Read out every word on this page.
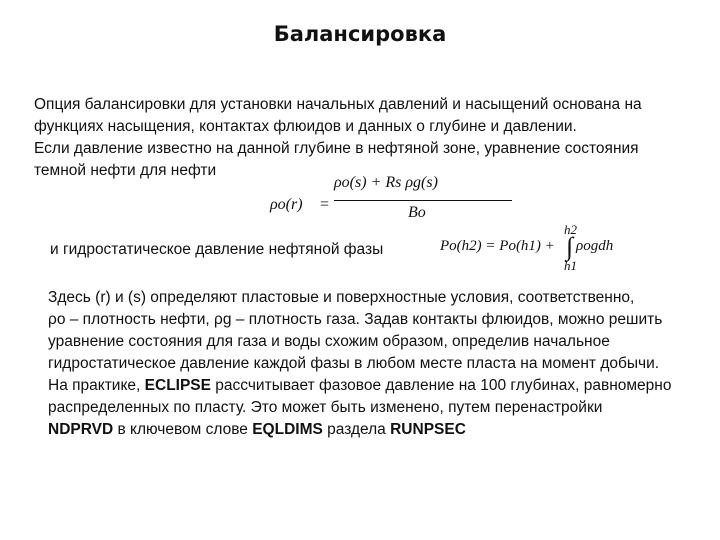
Балансировка
Опция балансировки для установки начальных давлений и насыщений основана на
функциях насыщения, контактах флюидов и данных о глубине и давлении.
Если давление известно на данной глубине в нефтяной зоне, уравнение состояния
темной нефти для нефти
ρo(r) =
ρo(s) + Rs ρg(s)
Bo
и гидростатическое давление нефтяной фазы
h2
Po(h2) = Po(h1) + ∫ ρogdh
h1
Здесь (r) и (s) определяют пластовые и поверхностные условия, соответственно,
ρo – плотность нефти, ρg – плотность газа. Задав контакты флюидов, можно решить
уравнение состояния для газа и воды схожим образом, определив начальное
гидростатическое давление каждой фазы в любом месте пласта на момент добычи.
На практике, ECLIPSE рассчитывает фазовое давление на 100 глубинах, равномерно
распределенных по пласту. Это может быть изменено, путем перенастройки
NDPRVD в ключевом слове EQLDIMS раздела RUNPSEC
